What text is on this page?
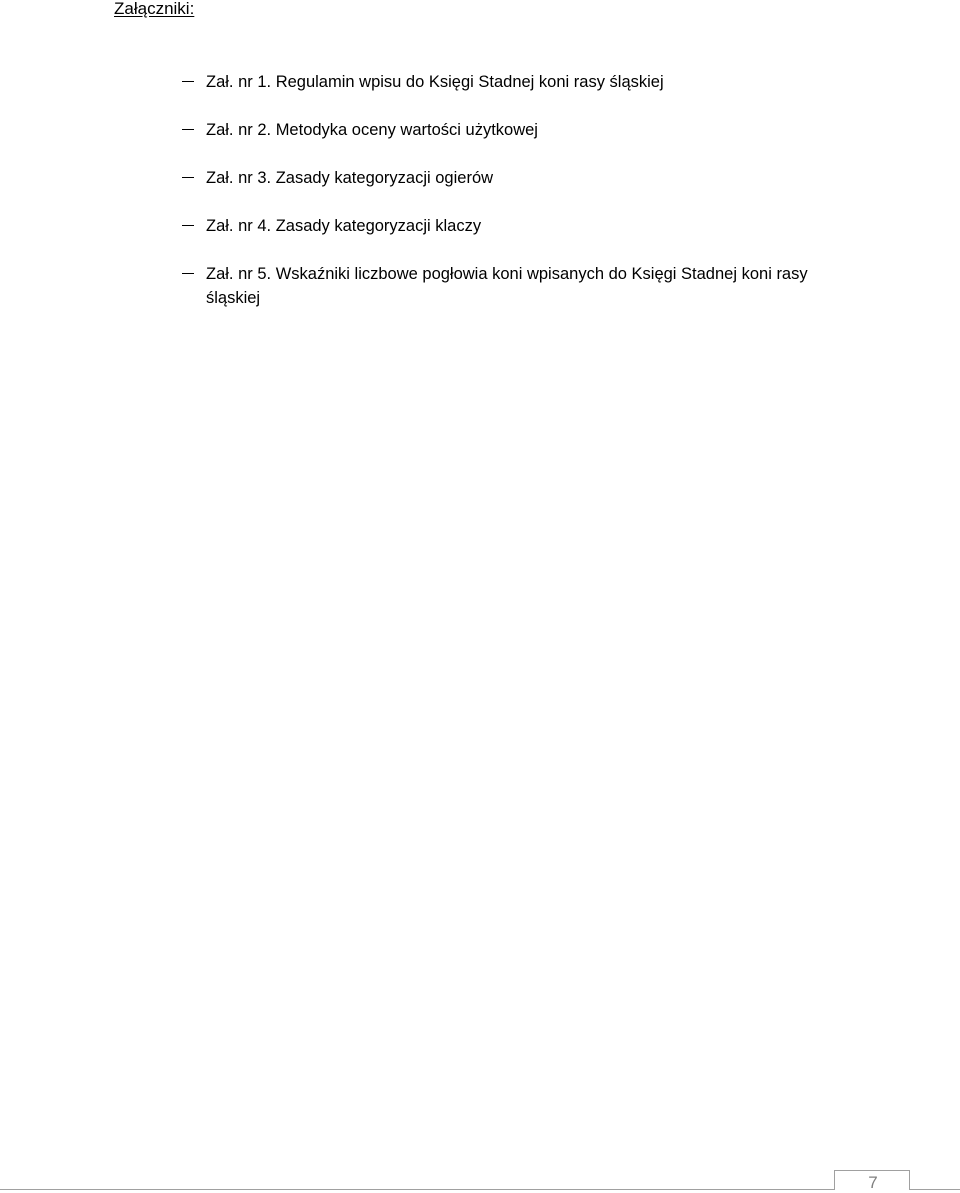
Załączniki:
Zał. nr 1. Regulamin wpisu do Księgi Stadnej koni rasy śląskiej
Zał. nr 2. Metodyka oceny wartości użytkowej
Zał. nr 3. Zasady kategoryzacji ogierów
Zał. nr 4. Zasady kategoryzacji klaczy
Zał. nr 5. Wskaźniki liczbowe pogłowia koni wpisanych do Księgi Stadnej koni rasy śląskiej
7
